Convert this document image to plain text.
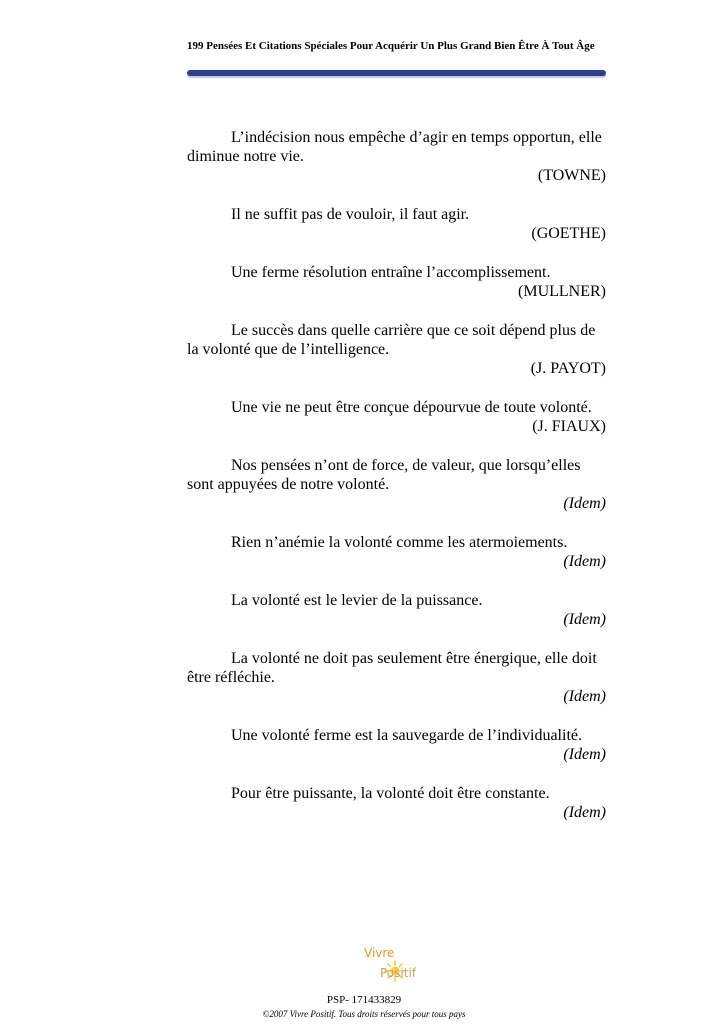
199 Pensées Et Citations Spéciales Pour Acquérir Un Plus Grand Bien Être À Tout Âge

L’indécision nous empêche d’agir en temps opportun, elle diminue notre vie.

(TOWNE)

Il ne suffit pas de vouloir, il faut agir.

(GOETHE)

Une ferme résolution entraîne l’accomplissement.

(MULLNER)

Le succès dans quelle carrière que ce soit dépend plus de la volonté que de l’intelligence.

(J. PAYOT)

Une vie ne peut être conçue dépourvue de toute volonté.

(J. FIAUX)

Nos pensées n’ont de force, de valeur, que lorsqu’elles sont appuyées de notre volonté.

(Idem)

Rien n’anémie la volonté comme les atermoiements.

(Idem)

La volonté est le levier de la puissance.

(Idem)

La volonté ne doit pas seulement être énergique, elle doit être réfléchie.

(Idem)

Une volonté ferme est la sauvegarde de l’individualité.

(Idem)

Pour être puissante, la volonté doit être constante.

(Idem)

Vivre
Positif
PSP- 171433829
©2007 Vivre Positif. Tous droits réservés pour tous pays
